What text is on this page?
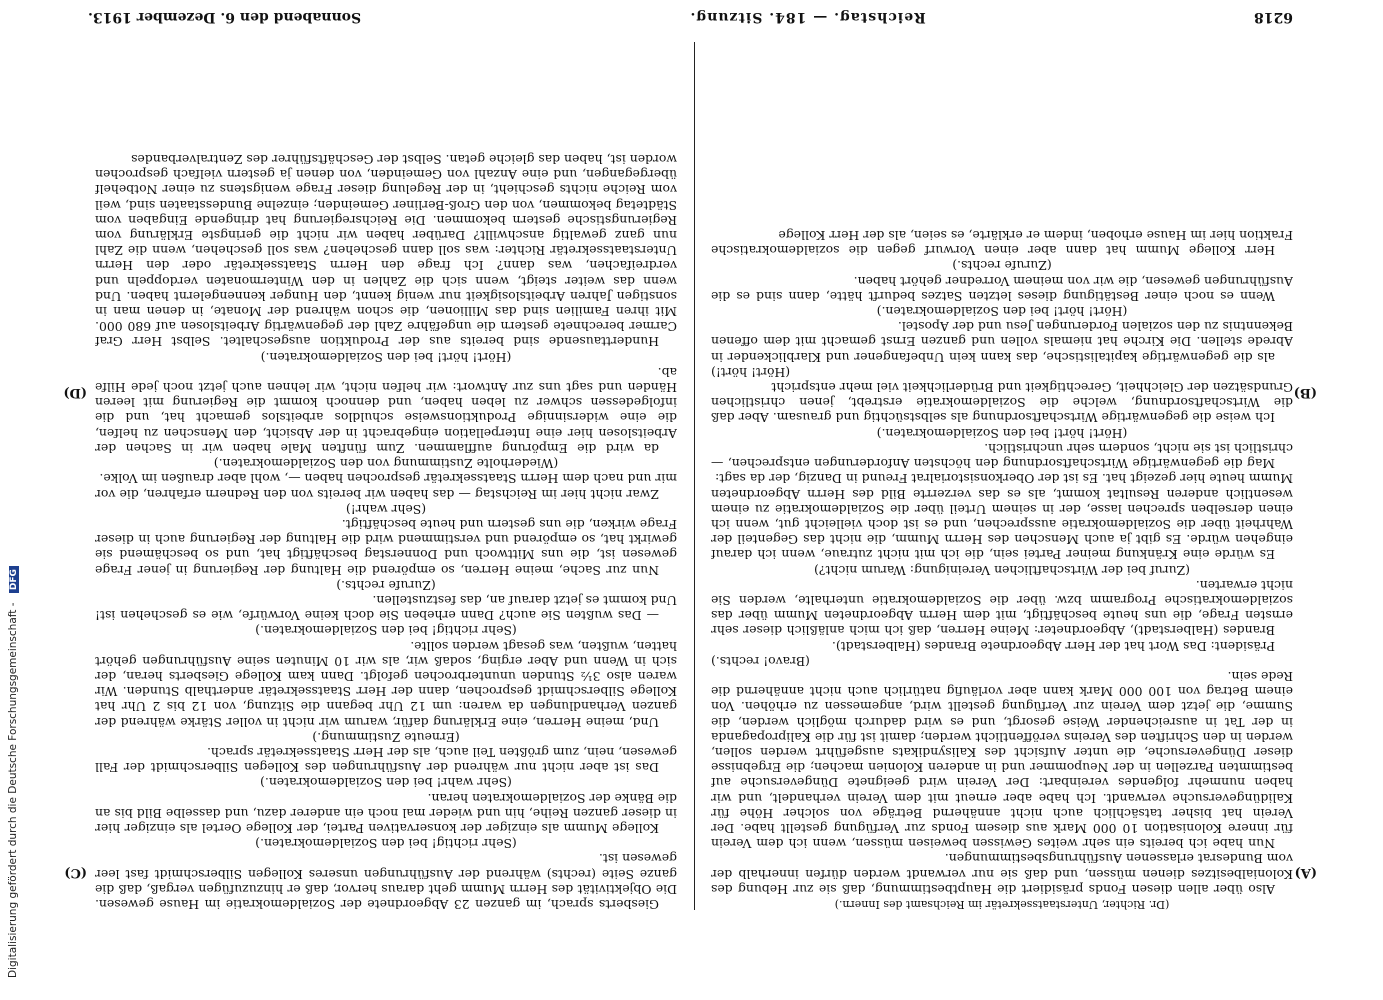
6218
Reichstag. — 184. Sitzung.
Sonnabend den 6. Dezember 1913.
(A)
(B)
(C)
(D)

(Dr. Richter, Unterstaatssekretär im Reichsamt des Innern.)

Also über allen diesen Fonds präsidiert die Hauptbestimmung, daß sie zur Hebung des Kolonialbesitzes dienen müssen, und daß sie nur verwandt werden dürfen innerhalb der vom Bundesrat erlassenen Ausführungsbestimmungen.

Nun habe ich bereits ein sehr weites Gewissen beweisen müssen, wenn ich dem Verein für innere Kolonisation 10 000 Mark aus diesem Fonds zur Verfügung gestellt habe. Der Verein hat bisher tatsächlich auch nicht annähernd Beträge von solcher Höhe für Kalidüngeversuche verwandt. Ich habe aber erneut mit dem Verein verhandelt, und wir haben nunmehr folgendes vereinbart: Der Verein wird geeignete Düngeversuche auf bestimmten Parzellen in der Neupommer und in anderen Kolonien machen; die Ergebnisse dieser Düngeversuche, die unter Aufsicht des Kalisyndikats ausgeführt werden sollen, werden in den Schriften des Vereins veröffentlicht werden; damit ist für die Kalipropaganda in der Tat in ausreichender Weise gesorgt, und es wird dadurch möglich werden, die Summe, die jetzt dem Verein zur Verfügung gestellt wird, angemessen zu erhöhen. Von einem Betrag von 100 000 Mark kann aber vorläufig natürlich auch nicht annähernd die Rede sein.

(Bravo! rechts.)

Präsident: Das Wort hat der Herr Abgeordnete Brandes (Halberstadt).

Brandes (Halberstadt), Abgeordneter: Meine Herren, daß ich mich anläßlich dieser sehr ernsten Frage, die uns heute beschäftigt, mit dem Herrn Abgeordneten Mumm über das sozialdemokratische Programm bzw. über die Sozialdemokratie unterhalte, werden Sie nicht erwarten.

(Zuruf bei der Wirtschaftlichen Vereinigung: Warum nicht?)

Es würde eine Kränkung meiner Partei sein, die ich mit nicht zutraue, wenn ich darauf eingehen würde. Es gibt ja auch Menschen des Herrn Mumm, die nicht das Gegenteil der Wahrheit über die Sozialdemokratie aussprechen, und es ist doch vielleicht gut, wenn ich einen derselben sprechen lasse, der in seinem Urteil über die Sozialdemokratie zu einem wesentlich anderen Resultat kommt, als es das verzerrte Bild des Herrn Abgeordneten Mumm heute hier gezeigt hat. Es ist der Oberkonsistorialrat Freund in Danzig, der da sagt:

Mag die gegenwärtige Wirtschaftsordnung den höchsten Anforderungen entsprechen, — christlich ist sie nicht, sondern sehr unchristlich.

(Hört! hört! bei den Sozialdemokraten.)

Ich weise die gegenwärtige Wirtschaftsordnung als selbstsüchtig und grausam. Aber daß die Wirtschaftsordnung, welche die Sozialdemokratie erstrebt, jenen christlichen Grundsätzen der Gleichheit, Gerechtigkeit und Brüderlichkeit viel mehr entspricht

(Hört! hört!)

als die gegenwärtige kapitalistische, das kann kein Unbefangener und Klarblickender in Abrede stellen. Die Kirche hat niemals vollen und ganzen Ernst gemacht mit dem offenen Bekenntnis zu den sozialen Forderungen Jesu und der Apostel.

(Hört! hört! bei den Sozialdemokraten.)

Wenn es noch einer Bestätigung dieses letzten Satzes bedurft hätte, dann sind es die Ausführungen gewesen, die wir von meinem Vorredner gehört haben.

(Zurufe rechts.)

Herr Kollege Mumm hat dann aber einen Vorwurf gegen die sozialdemokratische Fraktion hier im Hause erhoben, indem er erklärte, es seien, als der Herr Kollege

Giesberts sprach, im ganzen 23 Abgeordnete der Sozialdemokratie im Hause gewesen. Die Objektivität des Herrn Mumm geht daraus hervor, daß er hinzuzufügen vergaß, daß die ganze Seite (rechts) während der Ausführungen unseres Kollegen Silberschmidt fast leer gewesen ist.

(Sehr richtig! bei den Sozialdemokraten.)

Kollege Mumm als einziger der konservativen Partei, der Kollege Oertel als einziger hier in dieser ganzen Reihe, hin und wieder mal noch ein anderer dazu, und dasselbe Bild bis an die Bänke der Sozialdemokraten heran.

(Sehr wahr! bei den Sozialdemokraten.)

Das ist aber nicht nur während der Ausführungen des Kollegen Silberschmidt der Fall gewesen, nein, zum größten Teil auch, als der Herr Staatssekretär sprach.

(Erneute Zustimmung.)

Und, meine Herren, eine Erklärung dafür, warum wir nicht in voller Stärke während der ganzen Verhandlungen da waren: um 12 Uhr begann die Sitzung, von 12 bis 2 Uhr hat Kollege Silberschmidt gesprochen, dann der Herr Staatssekretär anderthalb Stunden. Wir waren also 3½ Stunden ununterbrochen gefolgt. Dann kam Kollege Giesberts heran, der sich in Wenn und Aber erging, sodaß wir, als wir 10 Minuten seine Ausführungen gehört hatten, wußten, was gesagt werden sollte.

(Sehr richtig! bei den Sozialdemokraten.)

— Das wußten Sie auch? Dann erheben Sie doch keine Vorwürfe, wie es geschehen ist! Und kommt es jetzt darauf an, das festzustellen.

(Zurufe rechts.)

Nun zur Sache, meine Herren, so empörend die Haltung der Regierung in jener Frage gewesen ist, die uns Mittwoch und Donnerstag beschäftigt hat, und so beschämend sie gewirkt hat, so empörend und verstimmend wird die Haltung der Regierung auch in dieser Frage wirken, die uns gestern und heute beschäftigt.

(Sehr wahr!)

Zwar nicht hier im Reichstag — das haben wir bereits von den Rednern erfahren, die vor mir und nach dem Herrn Staatssekretär gesprochen haben —, wohl aber draußen im Volke.

(Wiederholte Zustimmung von den Sozialdemokraten.)

da wird die Empörung aufflammen. Zum fünften Male haben wir in Sachen der Arbeitslosen hier eine Interpellation eingebracht in der Absicht, den Menschen zu helfen, die eine widersinnige Produktionsweise schuldlos arbeitslos gemacht hat, und die infolgedessen schwer zu leben haben, und dennoch kommt die Regierung mit leeren Händen und sagt uns zur Antwort: wir helfen nicht, wir lehnen auch jetzt noch jede Hilfe ab.

(Hört! hört! bei den Sozialdemokraten.)

Hunderttausende sind bereits aus der Produktion ausgeschaltet. Selbst Herr Graf Carmer berechnete gestern die ungefähre Zahl der gegenwärtig Arbeitslosen auf 680 000. Mit ihren Familien sind das Millionen, die schon während der Monate, in denen man in sonstigen Jahren Arbeitslosigkeit nur wenig kennt, den Hunger kennengelernt haben. Und wenn das weiter steigt, wenn sich die Zahlen in den Wintermonaten verdoppeln und verdreifachen, was dann? Ich frage den Herrn Staatssekretär oder den Herrn Unterstaatssekretär Richter: was soll dann geschehen? was soll geschehen, wenn die Zahl nun ganz gewaltig anschwillt? Darüber haben wir nicht die geringste Erklärung vom Regierungstische gestern bekommen. Die Reichsregierung hat dringende Eingaben vom Städtetag bekommen, von den Groß-Berliner Gemeinden; einzelne Bundesstaaten sind, weil vom Reiche nichts geschieht, in der Regelung dieser Frage wenigstens zu einer Notbehelf übergegangen, und eine Anzahl von Gemeinden, von denen ja gestern vielfach gesprochen worden ist, haben das gleiche getan. Selbst der Geschäftsführer des Zentralverbandes

Digitalisierung gefördert durch die Deutsche Forschungsgemeinschaft - DFG
